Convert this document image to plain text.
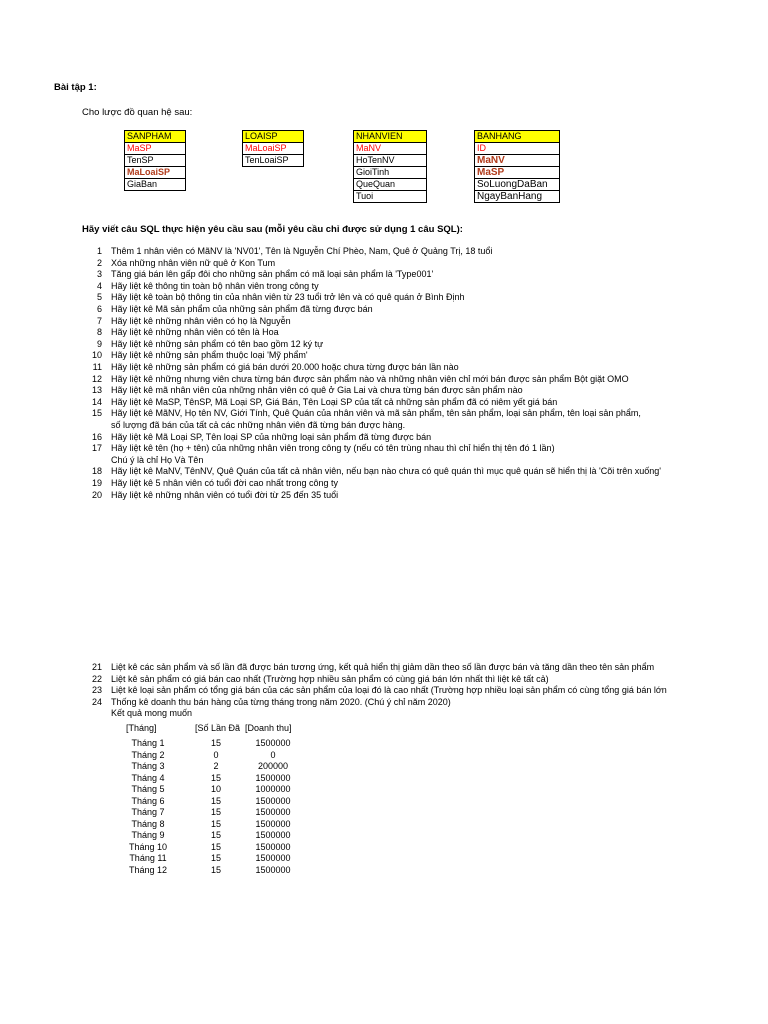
Bài tập 1:
Cho lược đồ quan hệ sau:
SANPHAM
MaSP
TenSP
MaLoaiSP
GiaBan
LOAISP
MaLoaiSP
TenLoaiSP
NHANVIEN
MaNV
HoTenNV
GioiTinh
QueQuan
Tuoi
BANHANG
ID
MaNV
MaSP
SoLuongDaBan
NgayBanHang
Hãy viết câu SQL thực hiện yêu cầu sau (mỗi yêu cầu chỉ được sử dụng 1 câu SQL):
1 Thêm 1 nhân viên có MãNV là 'NV01', Tên là Nguyễn Chí Phèo, Nam, Quê ở Quảng Trị, 18 tuổi
2 Xóa những nhân viên nữ quê ở Kon Tum
3 Tăng giá bán lên gấp đôi cho những sản phẩm có mã loại sản phẩm là 'Type001'
4 Hãy liệt kê thông tin toàn bộ nhân viên trong công ty
5 Hãy liệt kê toàn bộ thông tin của nhân viên từ 23 tuổi trở lên và có quê quán ở Bình Định
6 Hãy liệt kê Mã sản phẩm của những sản phẩm đã từng được bán
7 Hãy liệt kê những nhân viên có họ là Nguyễn
8 Hãy liệt kê những nhân viên có tên là Hoa
9 Hãy liệt kê những sản phẩm có tên bao gồm 12 ký tự
10 Hãy liệt kê những sản phẩm thuộc loại 'Mỹ phẩm'
11 Hãy liệt kê những sản phẩm có giá bán dưới 20.000 hoặc chưa từng được bán lần nào
12 Hãy liệt kê những nhưng viên chưa từng bán được sản phẩm nào và những nhân viên chỉ mới bán được sản phẩm Bột giặt OMO
13 Hãy liệt kê mã nhân viên của những nhân viên có quê ở Gia Lai và chưa từng bán được sản phẩm nào
14 Hãy liệt kê MaSP, TênSP, Mã Loại SP, Giá Bán, Tên Loại SP của tất cả những sản phẩm đã có niêm yết giá bán
15 Hãy liệt kê MãNV, Họ tên NV, Giới Tính, Quê Quán của nhân viên và mã sản phẩm, tên sản phẩm, loại sản phẩm, tên loại sản phẩm,
số lượng đã bán của tất cả các những nhân viên đã từng bán được hàng.
16 Hãy liệt kê Mã Loại SP, Tên loại SP của những loại sản phẩm đã từng được bán
17 Hãy liệt kê tên (họ + tên) của những nhân viên trong công ty (nếu có tên trùng nhau thì chỉ hiển thị tên đó 1 lần)
Chú ý là chỉ Họ Và Tên
18 Hãy liệt kê MaNV, TênNV, Quê Quán của tất cả nhân viên, nếu bạn nào chưa có quê quán thì mục quê quán sẽ hiển thị là 'Cõi trên xuống'
19 Hãy liệt kê 5 nhân viên có tuổi đời cao nhất trong công ty
20 Hãy liệt kê những nhân viên có tuổi đời từ 25 đến 35 tuổi
21 Liệt kê các sản phẩm và số lần đã được bán tương ứng, kết quả hiển thị giảm dần theo số lần được bán và tăng dần theo tên sản phẩm
22 Liệt kê sản phẩm có giá bán cao nhất (Trường hợp nhiều sản phẩm có cùng giá bán lớn nhất thì liệt kê tất cả)
23 Liệt kê loại sản phẩm có tổng giá bán của các sản phẩm của loại đó là cao nhất (Trường hợp nhiều loại sản phẩm có cùng tổng giá bán lớn
24 Thống kê doanh thu bán hàng của từng tháng trong năm 2020. (Chú ý chỉ năm 2020)
Kết quả mong muốn
[Tháng]	[Số Lần Đã [Doanh thu]
Tháng 1	15	1500000
Tháng 2	0	0
Tháng 3	2	200000
Tháng 4	15	1500000
Tháng 5	10	1000000
Tháng 6	15	1500000
Tháng 7	15	1500000
Tháng 8	15	1500000
Tháng 9	15	1500000
Tháng 10	15	1500000
Tháng 11	15	1500000
Tháng 12	15	1500000
